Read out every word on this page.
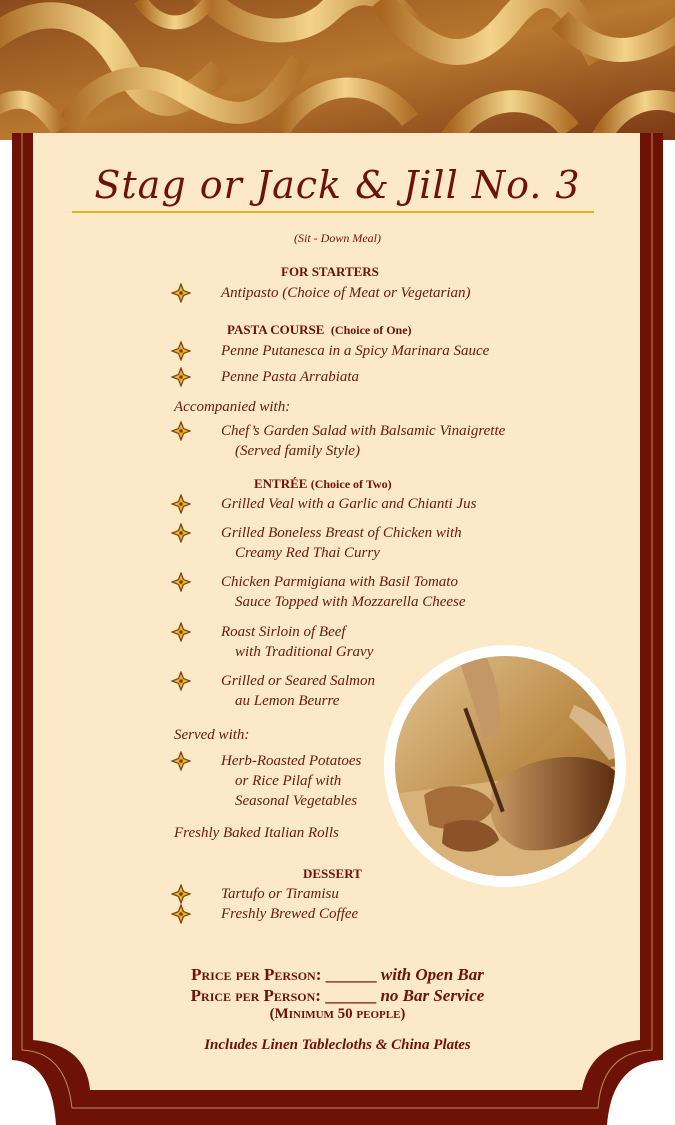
Stag or Jack & Jill No. 3
(Sit - Down Meal)
FOR STARTERS
Antipasto (Choice of Meat or Vegetarian)
PASTA COURSE (Choice of One)
Penne Putanesca in a Spicy Marinara Sauce
Penne Pasta Arrabiata
Accompanied with:
Chef’s Garden Salad with Balsamic Vinaigrette
(Served family Style)
ENTRÉE (Choice of Two)
Grilled Veal with a Garlic and Chianti Jus
Grilled Boneless Breast of Chicken with
Creamy Red Thai Curry
Chicken Parmigiana with Basil Tomato
Sauce Topped with Mozzarella Cheese
Roast Sirloin of Beef
with Traditional Gravy
Grilled or Seared Salmon
au Lemon Beurre
Served with:
Herb-Roasted Potatoes
or Rice Pilaf with
Seasonal Vegetables
Freshly Baked Italian Rolls
DESSERT
Tartufo or Tiramisu
Freshly Brewed Coffee
Price per Person: ______ with Open Bar
Price per Person: ______ no Bar Service
(Minimum 50 people)
Includes Linen Tablecloths & China Plates
